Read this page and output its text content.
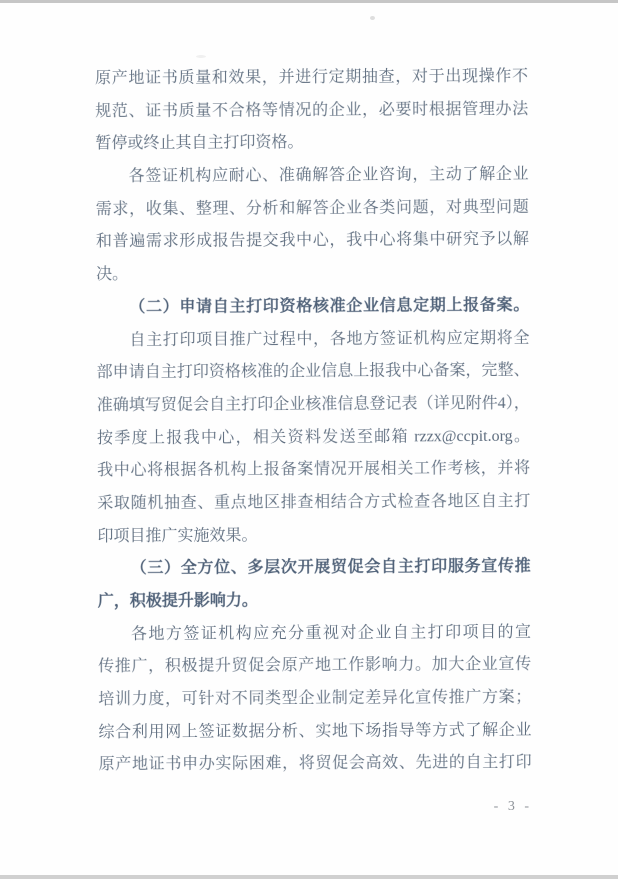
原产地证书质量和效果，并进行定期抽查，对于出现操作不
规范、证书质量不合格等情况的企业，必要时根据管理办法
暂停或终止其自主打印资格。
各签证机构应耐心、准确解答企业咨询，主动了解企业
需求，收集、整理、分析和解答企业各类问题，对典型问题
和普遍需求形成报告提交我中心，我中心将集中研究予以解
决。
（二）申请自主打印资格核准企业信息定期上报备案。
自主打印项目推广过程中，各地方签证机构应定期将全
部申请自主打印资格核准的企业信息上报我中心备案，完整、
准确填写贸促会自主打印企业核准信息登记表（详见附件4），
按季度上报我中心，相关资料发送至邮箱 rzzx@ccpit.org。
我中心将根据各机构上报备案情况开展相关工作考核，并将
采取随机抽查、重点地区排查相结合方式检查各地区自主打
印项目推广实施效果。
（三）全方位、多层次开展贸促会自主打印服务宣传推
广，积极提升影响力。
各地方签证机构应充分重视对企业自主打印项目的宣
传推广，积极提升贸促会原产地工作影响力。加大企业宣传
培训力度，可针对不同类型企业制定差异化宣传推广方案；
综合利用网上签证数据分析、实地下场指导等方式了解企业
原产地证书申办实际困难，将贸促会高效、先进的自主打印
- 3 -
